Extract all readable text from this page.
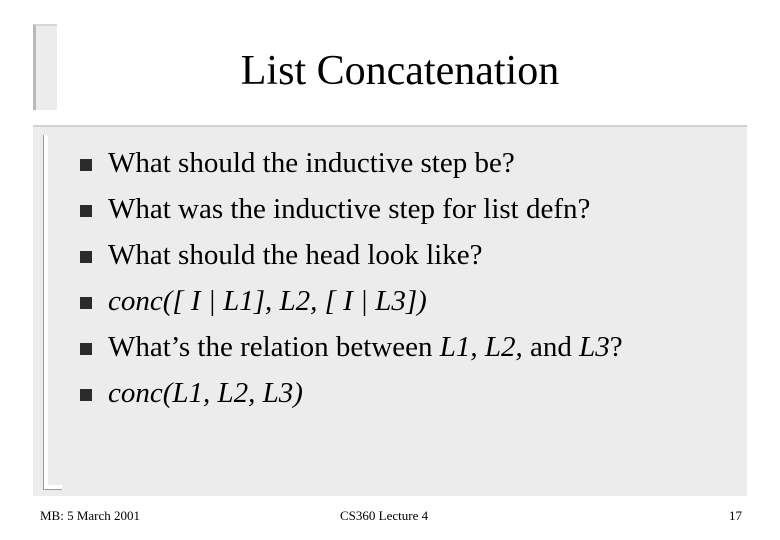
List Concatenation
What should the inductive step be?
What was the inductive step for list defn?
What should the head look like?
conc([ I | L1], L2, [ I | L3])
What’s the relation between L1, L2, and L3?
conc(L1, L2, L3)
MB: 5 March 2001	CS360 Lecture 4	17
